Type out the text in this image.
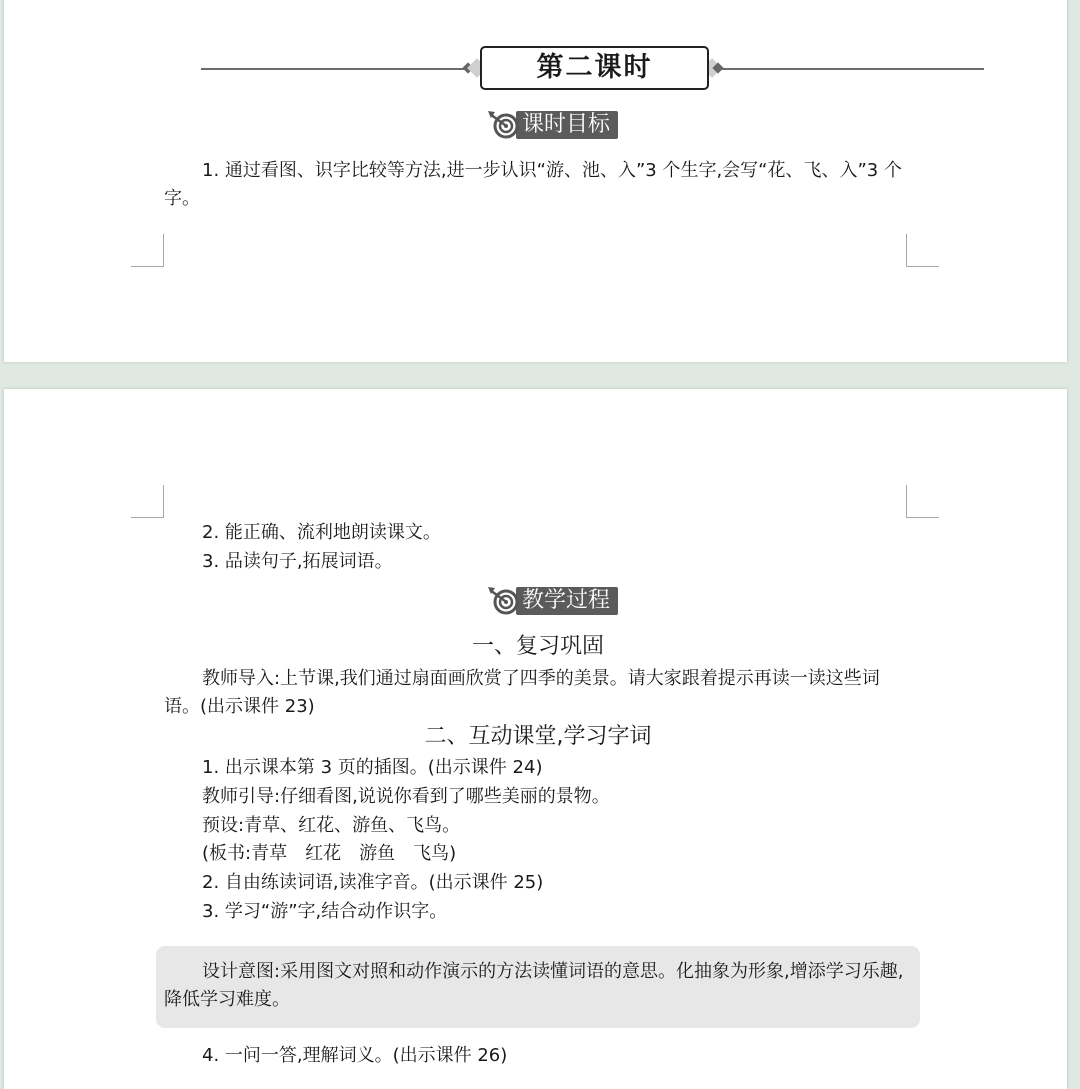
第二课时
课时目标

1. 通过看图、识字比较等方法,进一步认识“游、池、入”3 个生字,会写“花、飞、入”3 个字。

2. 能正确、流利地朗读课文。

3. 品读句子,拓展词语。

教学过程
一、复习巩固

教师导入:上节课,我们通过扇面画欣赏了四季的美景。请大家跟着提示再读一读这些词语。(出示课件 23)

二、互动课堂,学习字词

1. 出示课本第 3 页的插图。(出示课件 24)

教师引导:仔细看图,说说你看到了哪些美丽的景物。

预设:青草、红花、游鱼、飞鸟。

(板书:青草 红花 游鱼 飞鸟)

2. 自由练读词语,读准字音。(出示课件 25)

3. 学习“游”字,结合动作识字。

设计意图:采用图文对照和动作演示的方法读懂词语的意思。化抽象为形象,增添学习乐趣,降低学习难度。

4. 一问一答,理解词义。(出示课件 26)
